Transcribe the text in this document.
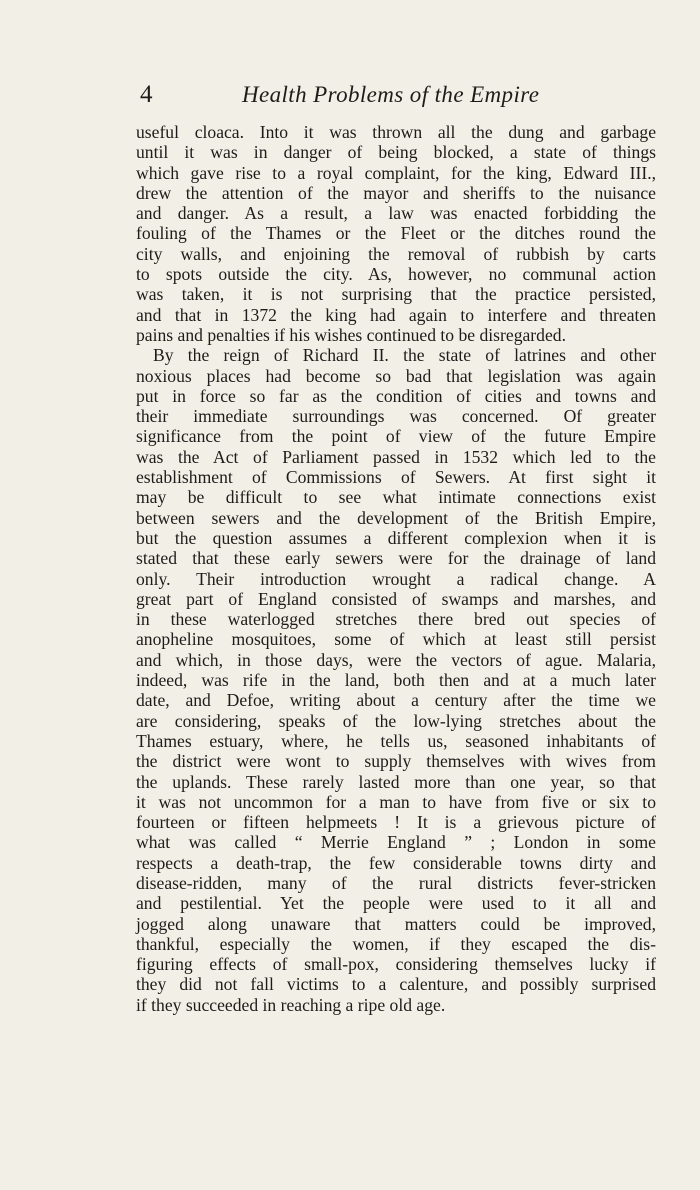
4	Health Problems of the Empire
useful cloaca. Into it was thrown all the dung and garbage
until it was in danger of being blocked, a state of things
which gave rise to a royal complaint, for the king, Edward III.,
drew the attention of the mayor and sheriffs to the nuisance
and danger. As a result, a law was enacted forbidding the
fouling of the Thames or the Fleet or the ditches round the
city walls, and enjoining the removal of rubbish by carts
to spots outside the city. As, however, no communal action
was taken, it is not surprising that the practice persisted,
and that in 1372 the king had again to interfere and threaten
pains and penalties if his wishes continued to be disregarded.
By the reign of Richard II. the state of latrines and other
noxious places had become so bad that legislation was again
put in force so far as the condition of cities and towns and
their immediate surroundings was concerned. Of greater
significance from the point of view of the future Empire
was the Act of Parliament passed in 1532 which led to the
establishment of Commissions of Sewers. At first sight it
may be difficult to see what intimate connections exist
between sewers and the development of the British Empire,
but the question assumes a different complexion when it is
stated that these early sewers were for the drainage of land
only. Their introduction wrought a radical change. A
great part of England consisted of swamps and marshes, and
in these waterlogged stretches there bred out species of
anopheline mosquitoes, some of which at least still persist
and which, in those days, were the vectors of ague. Malaria,
indeed, was rife in the land, both then and at a much later
date, and Defoe, writing about a century after the time we
are considering, speaks of the low-lying stretches about the
Thames estuary, where, he tells us, seasoned inhabitants of
the district were wont to supply themselves with wives from
the uplands. These rarely lasted more than one year, so that
it was not uncommon for a man to have from five or six to
fourteen or fifteen helpmeets ! It is a grievous picture of
what was called “ Merrie England ” ; London in some
respects a death-trap, the few considerable towns dirty and
disease-ridden, many of the rural districts fever-stricken
and pestilential. Yet the people were used to it all and
jogged along unaware that matters could be improved,
thankful, especially the women, if they escaped the dis-
figuring effects of small-pox, considering themselves lucky if
they did not fall victims to a calenture, and possibly surprised
if they succeeded in reaching a ripe old age.
